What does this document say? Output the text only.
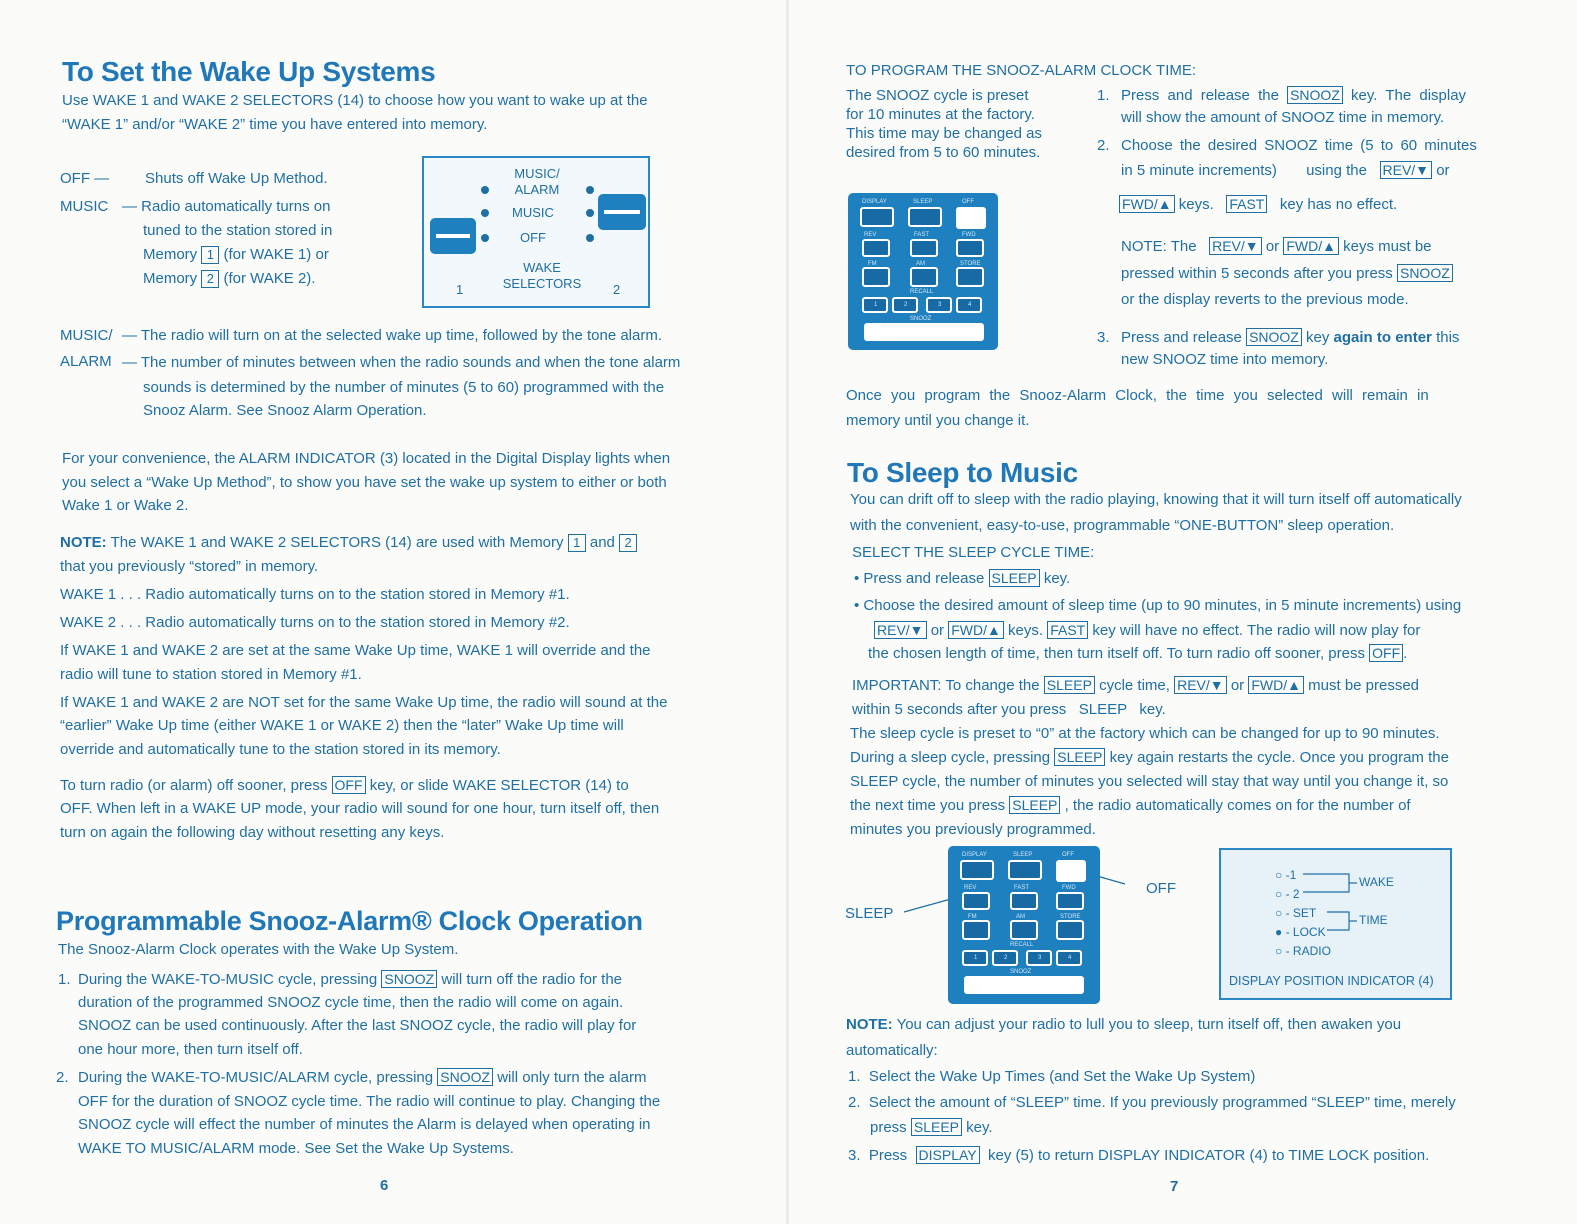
To Set the Wake Up Systems
Use WAKE 1 and WAKE 2 SELECTORS (14) to choose how you want to wake up at the
“WAKE 1” and/or “WAKE 2” time you have entered into memory.
OFF — Shuts off Wake Up Method.
MUSIC — Radio automatically turns on
tuned to the station stored in
Memory 1 (for WAKE 1) or
Memory 2 (for WAKE 2).
MUSIC/
ALARM
MUSIC
OFF
WAKE
SELECTORS
1	2
MUSIC/
ALARM
— The radio will turn on at the selected wake up time, followed by the tone alarm.
— The number of minutes between when the radio sounds and when the tone alarm
sounds is determined by the number of minutes (5 to 60) programmed with the
Snooz Alarm. See Snooz Alarm Operation.
For your convenience, the ALARM INDICATOR (3) located in the Digital Display lights when
you select a “Wake Up Method”, to show you have set the wake up system to either or both
Wake 1 or Wake 2.
NOTE: The WAKE 1 and WAKE 2 SELECTORS (14) are used with Memory 1 and 2
that you previously “stored” in memory.
WAKE 1 . . . Radio automatically turns on to the station stored in Memory #1.
WAKE 2 . . . Radio automatically turns on to the station stored in Memory #2.
If WAKE 1 and WAKE 2 are set at the same Wake Up time, WAKE 1 will override and the
radio will tune to station stored in Memory #1.
If WAKE 1 and WAKE 2 are NOT set for the same Wake Up time, the radio will sound at the
“earlier” Wake Up time (either WAKE 1 or WAKE 2) then the “later” Wake Up time will
override and automatically tune to the station stored in its memory.
To turn radio (or alarm) off sooner, press OFF key, or slide WAKE SELECTOR (14) to
OFF. When left in a WAKE UP mode, your radio will sound for one hour, turn itself off, then
turn on again the following day without resetting any keys.
Programmable Snooz-Alarm® Clock Operation
The Snooz-Alarm Clock operates with the Wake Up System.
1. During the WAKE-TO-MUSIC cycle, pressing SNOOZ will turn off the radio for the
duration of the programmed SNOOZ cycle time, then the radio will come on again.
SNOOZ can be used continuously. After the last SNOOZ cycle, the radio will play for
one hour more, then turn itself off.
2. During the WAKE-TO-MUSIC/ALARM cycle, pressing SNOOZ will only turn the alarm
OFF for the duration of SNOOZ cycle time. The radio will continue to play. Changing the
SNOOZ cycle will effect the number of minutes the Alarm is delayed when operating in
WAKE TO MUSIC/ALARM mode. See Set the Wake Up Systems.
6
TO PROGRAM THE SNOOZ-ALARM CLOCK TIME:
The SNOOZ cycle is preset
for 10 minutes at the factory.
This time may be changed as
desired from 5 to 60 minutes.
DISPLAY	SLEEP	OFF
REV	FAST	FWD
FM	AM	STORE
RECALL
1	2	3	4
SNOOZ
1. Press and release the SNOOZ key. The display
will show the amount of SNOOZ time in memory.
2. Choose the desired SNOOZ time (5 to 60 minutes
in 5 minute increments) using the REV/▼ or
FWD/▲ keys. FAST key has no effect.
NOTE: The REV/▼ or FWD/▲ keys must be
pressed within 5 seconds after you press SNOOZ
or the display reverts to the previous mode.
3. Press and release SNOOZ key again to enter this
new SNOOZ time into memory.
Once you program the Snooz-Alarm Clock, the time you selected will remain in
memory until you change it.
To Sleep to Music
You can drift off to sleep with the radio playing, knowing that it will turn itself off automatically
with the convenient, easy-to-use, programmable “ONE-BUTTON” sleep operation.
SELECT THE SLEEP CYCLE TIME:
• Press and release SLEEP key.
• Choose the desired amount of sleep time (up to 90 minutes, in 5 minute increments) using
REV/▼ or FWD/▲ keys. FAST key will have no effect. The radio will now play for
the chosen length of time, then turn itself off. To turn radio off sooner, press OFF .
IMPORTANT: To change the SLEEP cycle time, REV/▼ or FWD/▲ must be pressed
within 5 seconds after you press   SLEEP   key.
The sleep cycle is preset to “0” at the factory which can be changed for up to 90 minutes.
During a sleep cycle, pressing SLEEP key again restarts the cycle. Once you program the
SLEEP cycle, the number of minutes you selected will stay that way until you change it, so
the next time you press SLEEP , the radio automatically comes on for the number of
minutes you previously programmed.
SLEEP
OFF
DISPLAY	SLEEP	OFF
REV	FAST	FWD
FM	AM	STORE
RECALL
1	2	3	4
SNOOZ
○ -1
○ - 2
○ - SET
● - LOCK
○ - RADIO
WAKE
TIME
DISPLAY POSITION INDICATOR (4)
NOTE: You can adjust your radio to lull you to sleep, turn itself off, then awaken you
automatically:
1.  Select the Wake Up Times (and Set the Wake Up System)
2.  Select the amount of “SLEEP” time. If you previously programmed “SLEEP” time, merely
press SLEEP key.
3.  Press DISPLAY key (5) to return DISPLAY INDICATOR (4) to TIME LOCK position.
7
